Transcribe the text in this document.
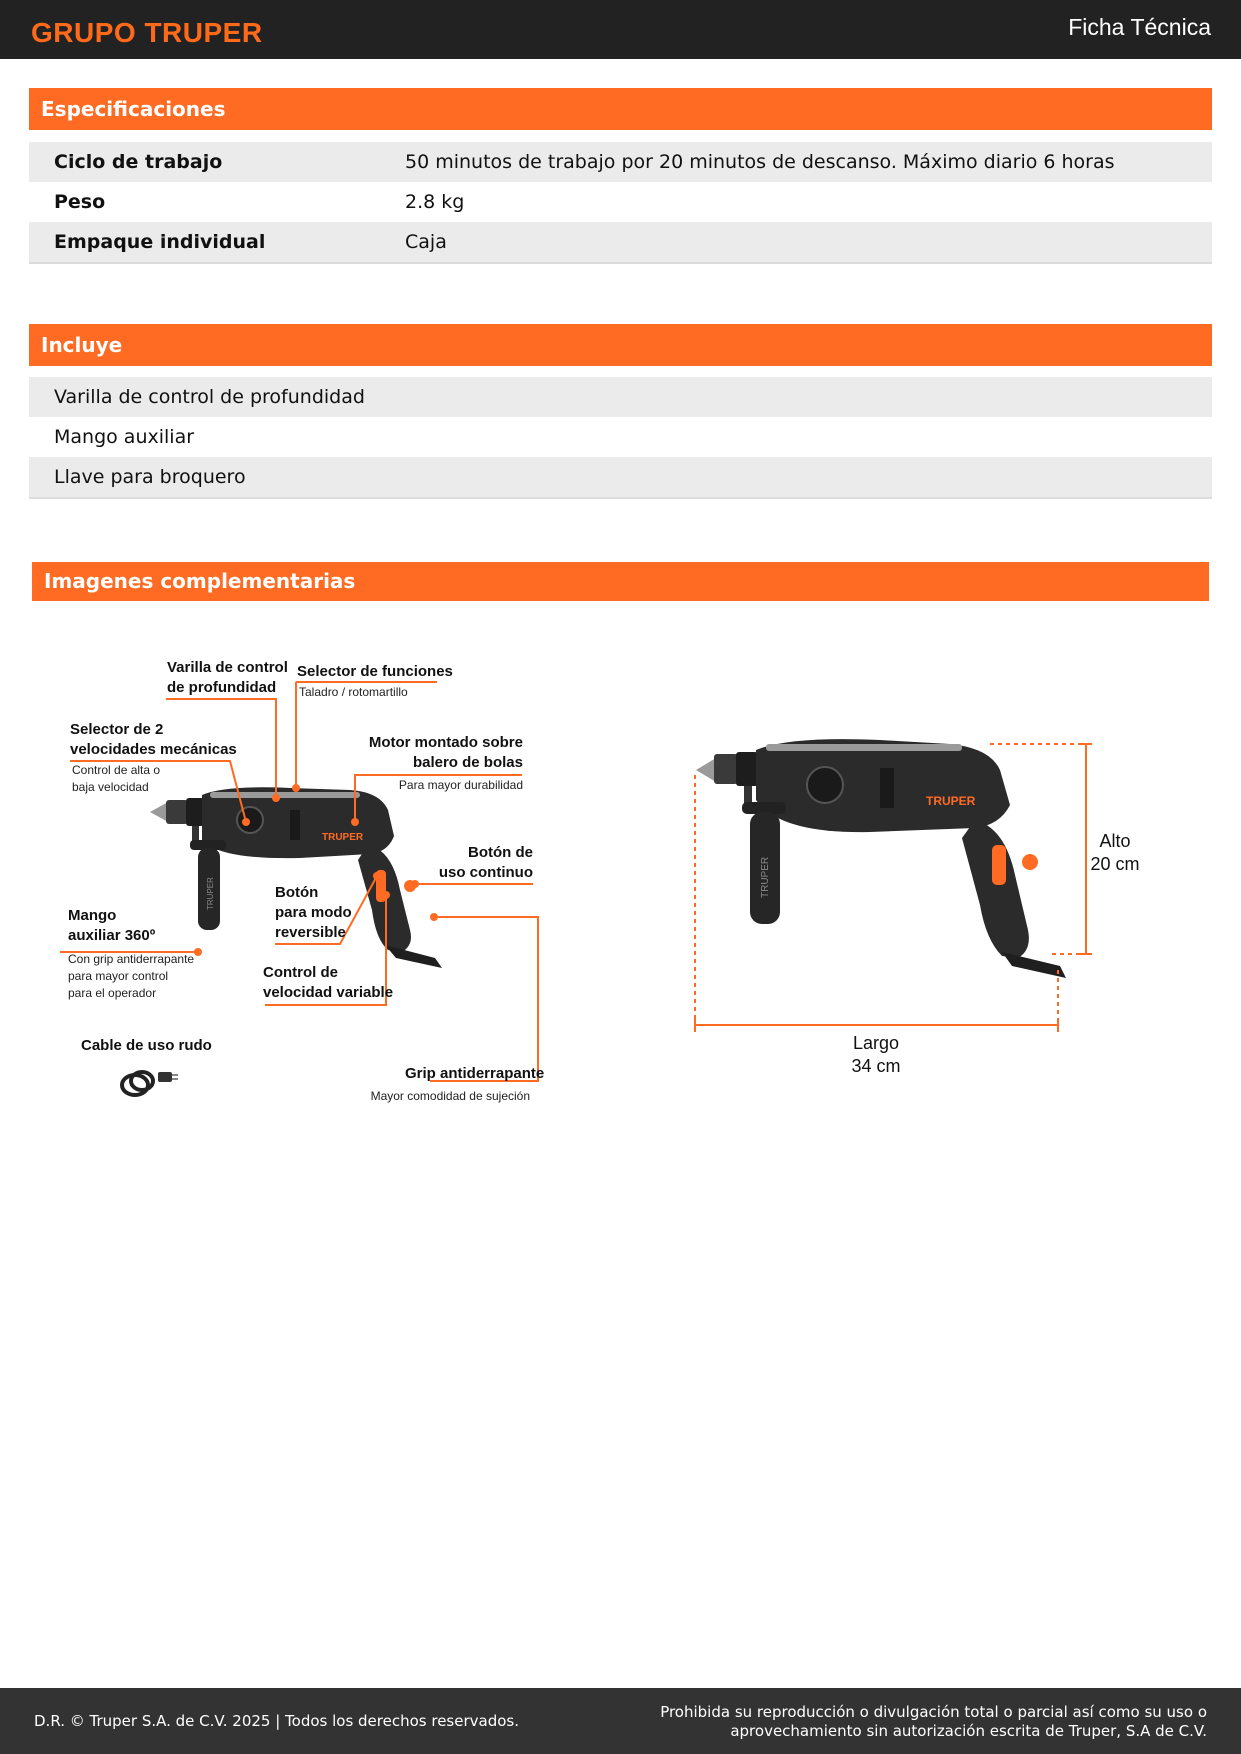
GRUPO TRUPER	Ficha Técnica
Especificaciones
Ciclo de trabajo	50 minutos de trabajo por 20 minutos de descanso. Máximo diario 6 horas
Peso	2.8 kg
Empaque individual	Caja
Incluye
Varilla de control de profundidad
Mango auxiliar
Llave para broquero
Imagenes complementarias
TRUPER
TRUPER
TRUPER
TRUPER
Varilla de control
de profundidad
Selector de funciones
Taladro / rotomartillo
Selector de 2
velocidades mecánicas
Control de alta o
baja velocidad
Motor montado sobre
balero de bolas
Para mayor durabilidad
Botón de
uso continuo
Botón
para modo
reversible
Mango
auxiliar 360º
Con grip antiderrapante
para mayor control
para el operador
Control de
velocidad variable
Cable de uso rudo
Grip antiderrapante
Mayor comodidad de sujeción
Alto
20 cm
Largo
34 cm
D.R. © Truper S.A. de C.V. 2025 | Todos los derechos reservados.	Prohibida su reproducción o divulgación total o parcial así como su uso o
aprovechamiento sin autorización escrita de Truper, S.A de C.V.
